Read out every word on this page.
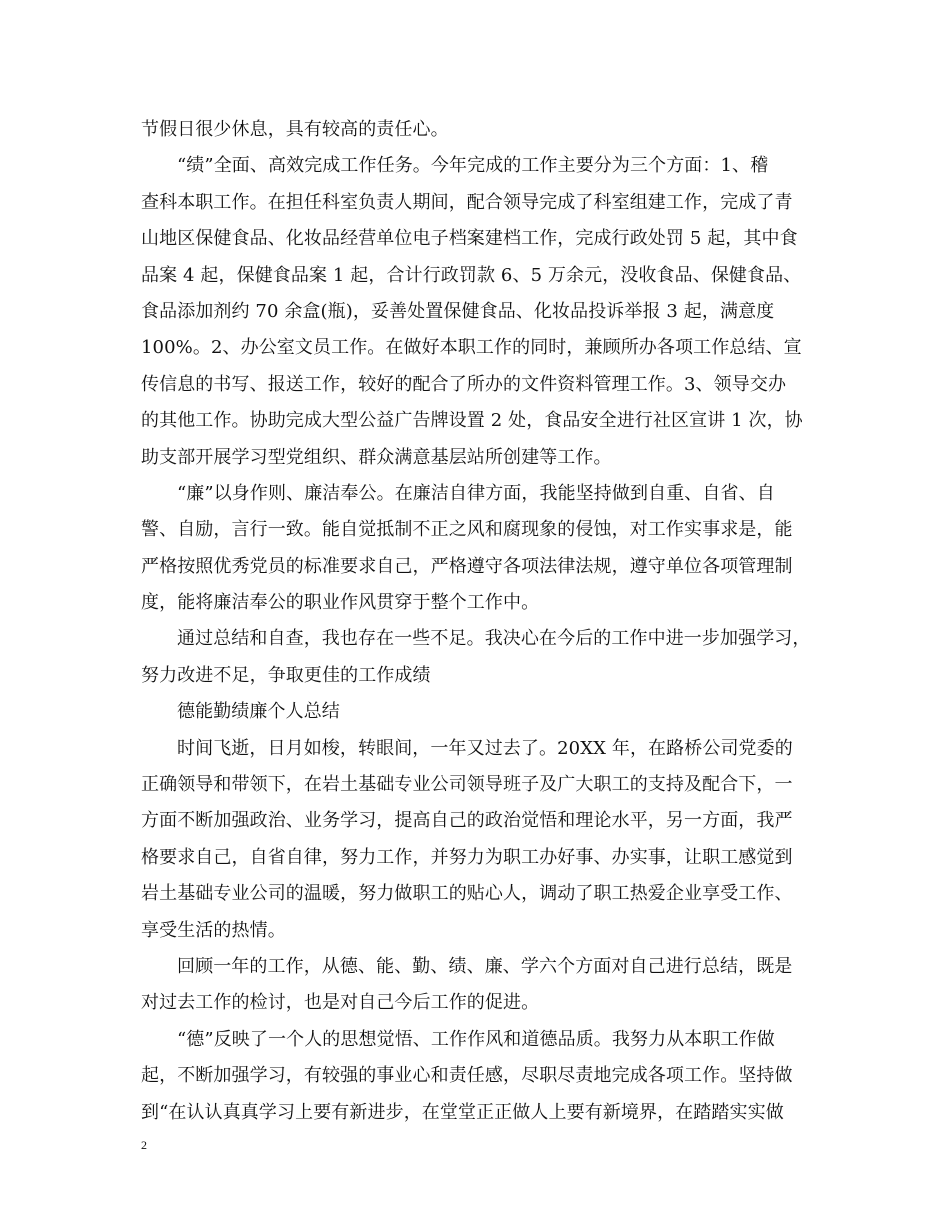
节假日很少休息，具有较高的责任心。
“绩”全面、高效完成工作任务。今年完成的工作主要分为三个方面：1、稽
查科本职工作。在担任科室负责人期间，配合领导完成了科室组建工作，完成了青
山地区保健食品、化妆品经营单位电子档案建档工作，完成行政处罚 5 起，其中食
品案 4 起，保健食品案 1 起，合计行政罚款 6、5 万余元，没收食品、保健食品、
食品添加剂约 70 余盒(瓶)，妥善处置保健食品、化妆品投诉举报 3 起，满意度
100%。2、办公室文员工作。在做好本职工作的同时，兼顾所办各项工作总结、宣
传信息的书写、报送工作，较好的配合了所办的文件资料管理工作。3、领导交办
的其他工作。协助完成大型公益广告牌设置 2 处，食品安全进行社区宣讲 1 次，协
助支部开展学习型党组织、群众满意基层站所创建等工作。
“廉”以身作则、廉洁奉公。在廉洁自律方面，我能坚持做到自重、自省、自
警、自励，言行一致。能自觉抵制不正之风和腐现象的侵蚀，对工作实事求是，能
严格按照优秀党员的标准要求自己，严格遵守各项法律法规，遵守单位各项管理制
度，能将廉洁奉公的职业作风贯穿于整个工作中。
通过总结和自查，我也存在一些不足。我决心在今后的工作中进一步加强学习，
努力改进不足，争取更佳的工作成绩
德能勤绩廉个人总结
时间飞逝，日月如梭，转眼间，一年又过去了。20XX 年，在路桥公司党委的
正确领导和带领下，在岩土基础专业公司领导班子及广大职工的支持及配合下，一
方面不断加强政治、业务学习，提高自己的政治觉悟和理论水平，另一方面，我严
格要求自己，自省自律，努力工作，并努力为职工办好事、办实事，让职工感觉到
岩土基础专业公司的温暖，努力做职工的贴心人，调动了职工热爱企业享受工作、
享受生活的热情。
回顾一年的工作，从德、能、勤、绩、廉、学六个方面对自己进行总结，既是
对过去工作的检讨，也是对自己今后工作的促进。
“德”反映了一个人的思想觉悟、工作作风和道德品质。我努力从本职工作做
起，不断加强学习，有较强的事业心和责任感，尽职尽责地完成各项工作。坚持做
到“在认认真真学习上要有新进步，在堂堂正正做人上要有新境界，在踏踏实实做
2
